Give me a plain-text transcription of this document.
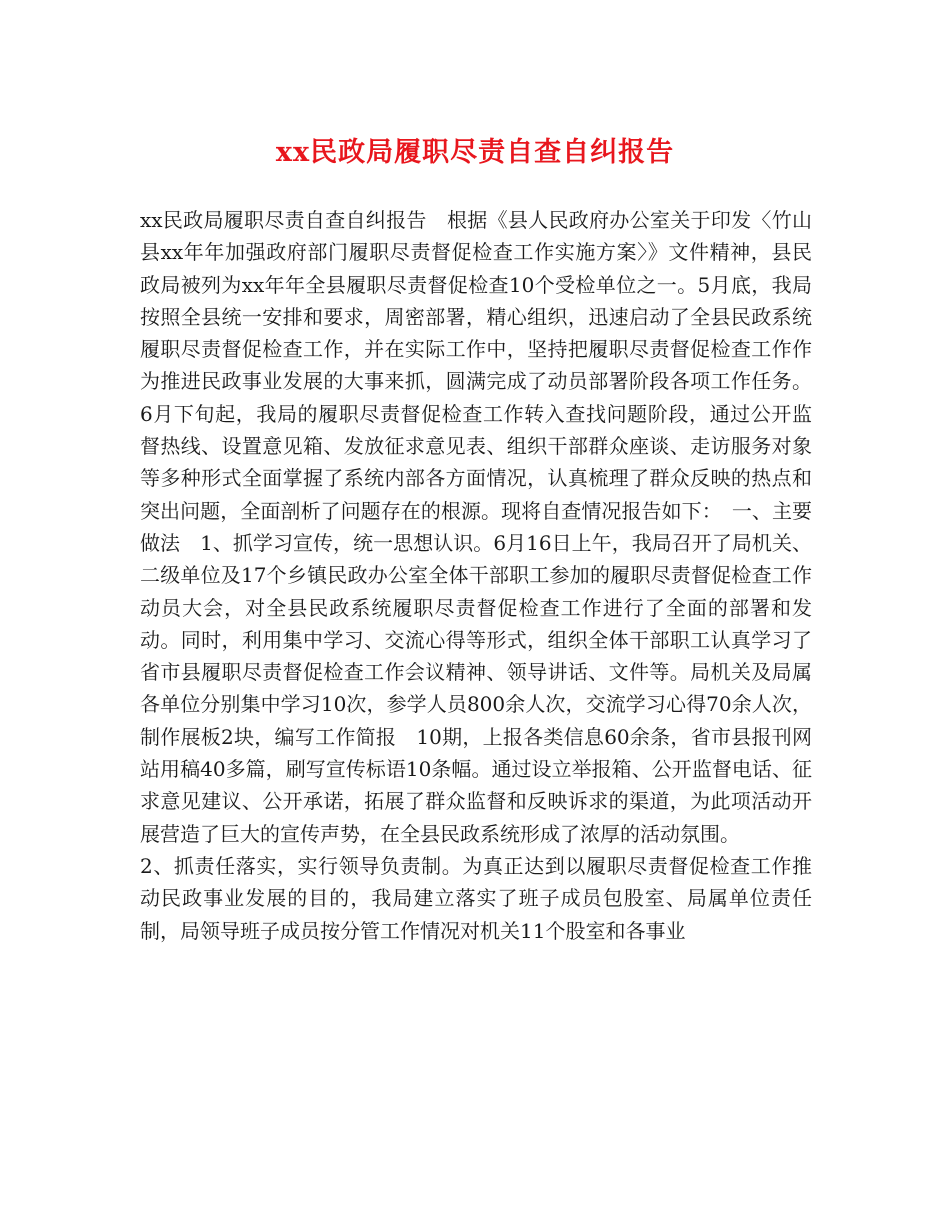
xx民政局履职尽责自查自纠报告

xx民政局履职尽责自查自纠报告　根据《县人民政府办公室关于印发〈竹山县xx年年加强政府部门履职尽责督促检查工作实施方案〉》文件精神，县民政局被列为xx年年全县履职尽责督促检查10个受检单位之一。5月底，我局按照全县统一安排和要求，周密部署，精心组织，迅速启动了全县民政系统履职尽责督促检查工作，并在实际工作中，坚持把履职尽责督促检查工作作为推进民政事业发展的大事来抓，圆满完成了动员部署阶段各项工作任务。6月下旬起，我局的履职尽责督促检查工作转入查找问题阶段，通过公开监督热线、设置意见箱、发放征求意见表、组织干部群众座谈、走访服务对象等多种形式全面掌握了系统内部各方面情况，认真梳理了群众反映的热点和突出问题，全面剖析了问题存在的根源。现将自查情况报告如下：　一、主要做法　1、抓学习宣传，统一思想认识。6月16日上午，我局召开了局机关、二级单位及17个乡镇民政办公室全体干部职工参加的履职尽责督促检查工作动员大会，对全县民政系统履职尽责督促检查工作进行了全面的部署和发动。同时，利用集中学习、交流心得等形式，组织全体干部职工认真学习了省市县履职尽责督促检查工作会议精神、领导讲话、文件等。局机关及局属各单位分别集中学习10次，参学人员800余人次，交流学习心得70余人次，制作展板2块，编写工作简报　10期，上报各类信息60余条，省市县报刊网站用稿40多篇，刷写宣传标语10条幅。通过设立举报箱、公开监督电话、征求意见建议、公开承诺，拓展了群众监督和反映诉求的渠道，为此项活动开展营造了巨大的宣传声势，在全县民政系统形成了浓厚的活动氛围。

2、抓责任落实，实行领导负责制。为真正达到以履职尽责督促检查工作推动民政事业发展的目的，我局建立落实了班子成员包股室、局属单位责任制，局领导班子成员按分管工作情况对机关11个股室和各事业
